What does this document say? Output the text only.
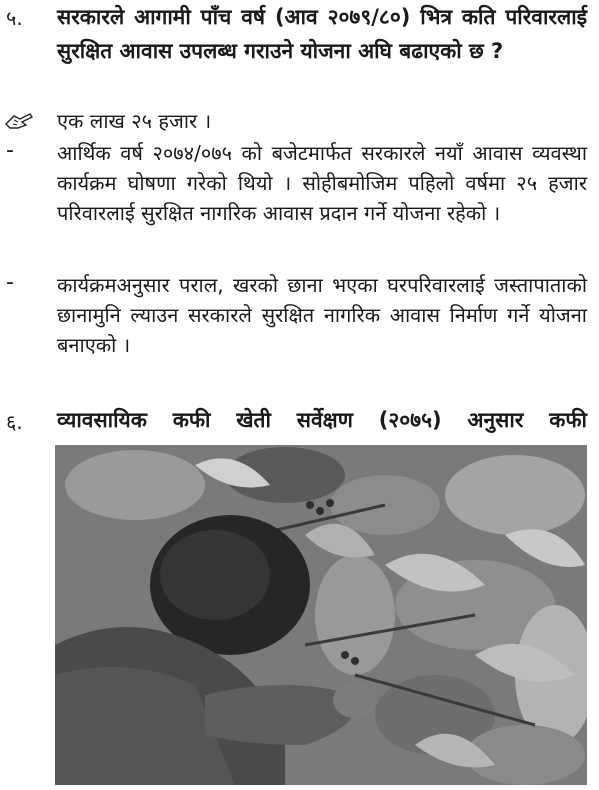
५. सरकारले आगामी पाँच वर्ष (आव २०७९/८०) भित्र कति परिवारलाई सुरक्षित आवास उपलब्ध गराउने योजना अघि बढाएको छ ?
एक लाख २५ हजार ।
- आर्थिक वर्ष २०७४/०७५ को बजेटमार्फत सरकारले नयाँ आवास व्यवस्था कार्यक्रम घोषणा गरेको थियो । सोहीबमोजिम पहिलो वर्षमा २५ हजार परिवारलाई सुरक्षित नागरिक आवास प्रदान गर्ने योजना रहेको ।
- कार्यक्रमअनुसार पराल, खरको छाना भएका घरपरिवारलाई जस्तापाताको छानामुनि ल्याउन सरकारले सुरक्षित नागरिक आवास निर्माण गर्ने योजना बनाएको ।
६. व्यावसायिक कफी खेती सर्वेक्षण (२०७५) अनुसार कफी
